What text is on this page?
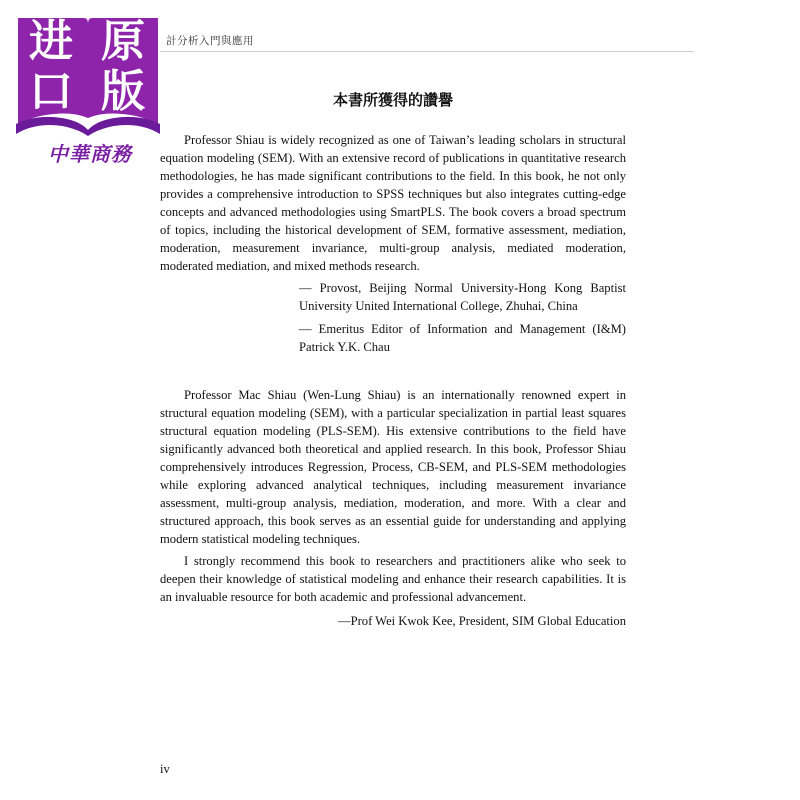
进 原
口 版
中華商務
計分析入門與應用
本書所獲得的讚譽

Professor Shiau is widely recognized as one of Taiwan’s leading scholars in structural equation modeling (SEM). With an extensive record of publications in quantitative research methodologies, he has made significant contributions to the field. In this book, he not only provides a comprehensive introduction to SPSS techniques but also integrates cutting-edge concepts and advanced methodologies using SmartPLS. The book covers a broad spectrum of topics, including the historical development of SEM, formative assessment, mediation, moderation, measurement invariance, multi-group analysis, mediated moderation, moderated mediation, and mixed methods research.

— Provost, Beijing Normal University-Hong Kong Baptist University United International College, Zhuhai, China

— Emeritus Editor of Information and Management (I&M) Patrick Y.K. Chau

Professor Mac Shiau (Wen-Lung Shiau) is an internationally renowned expert in structural equation modeling (SEM), with a particular specialization in partial least squares structural equation modeling (PLS-SEM). His extensive contributions to the field have significantly advanced both theoretical and applied research. In this book, Professor Shiau comprehensively introduces Regression, Process, CB-SEM, and PLS-SEM methodologies while exploring advanced analytical techniques, including measurement invariance assessment, multi-group analysis, mediation, moderation, and more. With a clear and structured approach, this book serves as an essential guide for understanding and applying modern statistical modeling techniques.

I strongly recommend this book to researchers and practitioners alike who seek to deepen their knowledge of statistical modeling and enhance their research capabilities. It is an invaluable resource for both academic and professional advancement.

—Prof Wei Kwok Kee, President, SIM Global Education

iv
